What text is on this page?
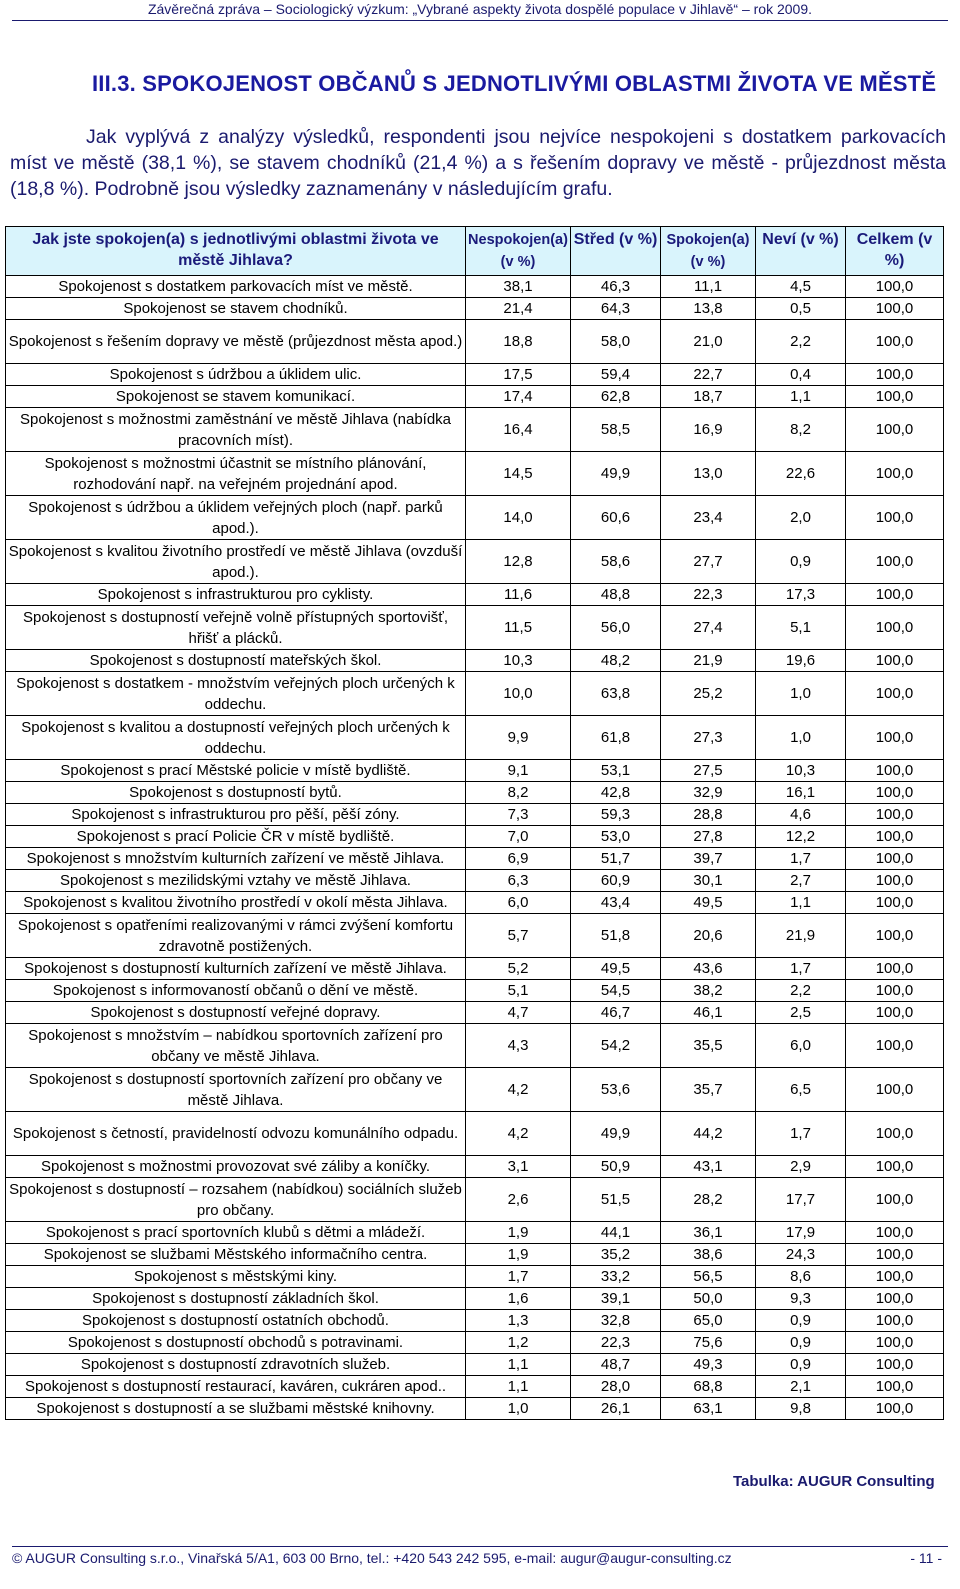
Závěrečná zpráva – Sociologický výzkum: „Vybrané aspekty života dospělé populace v Jihlavě“ – rok 2009.
III.3. SPOKOJENOST OBČANŮ S JEDNOTLIVÝMI OBLASTMI ŽIVOTA VE MĚSTĚ
Jak vyplývá z analýzy výsledků, respondenti jsou nejvíce nespokojeni s dostatkem parkovacích míst ve městě (38,1 %), se stavem chodníků (21,4 %) a s řešením dopravy ve městě - průjezdnost města (18,8 %). Podrobně jsou výsledky zaznamenány v následujícím grafu.
Jak jste spokojen(a) s jednotlivými oblastmi života ve městě Jihlava?	Nespokojen(a) (v %)	Střed (v %)	Spokojen(a) (v %)	Neví (v %)	Celkem (v %)
Spokojenost s dostatkem parkovacích míst ve městě.	38,1	46,3	11,1	4,5	100,0
Spokojenost se stavem chodníků.	21,4	64,3	13,8	0,5	100,0
Spokojenost s řešením dopravy ve městě (průjezdnost města apod.)	18,8	58,0	21,0	2,2	100,0
Spokojenost s údržbou a úklidem ulic.	17,5	59,4	22,7	0,4	100,0
Spokojenost se stavem komunikací.	17,4	62,8	18,7	1,1	100,0
Spokojenost s možnostmi zaměstnání ve městě Jihlava (nabídka pracovních míst).	16,4	58,5	16,9	8,2	100,0
Spokojenost s možnostmi účastnit se místního plánování, rozhodování např. na veřejném projednání apod.	14,5	49,9	13,0	22,6	100,0
Spokojenost s údržbou a úklidem veřejných ploch (např. parků apod.).	14,0	60,6	23,4	2,0	100,0
Spokojenost s kvalitou životního prostředí ve městě Jihlava (ovzduší apod.).	12,8	58,6	27,7	0,9	100,0
Spokojenost s infrastrukturou pro cyklisty.	11,6	48,8	22,3	17,3	100,0
Spokojenost s dostupností veřejně volně přístupných sportovišť, hřišť a plácků.	11,5	56,0	27,4	5,1	100,0
Spokojenost s dostupností mateřských škol.	10,3	48,2	21,9	19,6	100,0
Spokojenost s dostatkem - množstvím veřejných ploch určených k oddechu.	10,0	63,8	25,2	1,0	100,0
Spokojenost s kvalitou a dostupností veřejných ploch určených k oddechu.	9,9	61,8	27,3	1,0	100,0
Spokojenost s prací Městské policie v místě bydliště.	9,1	53,1	27,5	10,3	100,0
Spokojenost s dostupností bytů.	8,2	42,8	32,9	16,1	100,0
Spokojenost s infrastrukturou pro pěší, pěší zóny.	7,3	59,3	28,8	4,6	100,0
Spokojenost s prací Policie ČR v místě bydliště.	7,0	53,0	27,8	12,2	100,0
Spokojenost s množstvím kulturních zařízení ve městě Jihlava.	6,9	51,7	39,7	1,7	100,0
Spokojenost s mezilidskými vztahy ve městě Jihlava.	6,3	60,9	30,1	2,7	100,0
Spokojenost s kvalitou životního prostředí v okolí města Jihlava.	6,0	43,4	49,5	1,1	100,0
Spokojenost s opatřeními realizovanými v rámci zvýšení komfortu zdravotně postižených.	5,7	51,8	20,6	21,9	100,0
Spokojenost s dostupností kulturních zařízení ve městě Jihlava.	5,2	49,5	43,6	1,7	100,0
Spokojenost s informovaností občanů o dění ve městě.	5,1	54,5	38,2	2,2	100,0
Spokojenost s dostupností veřejné dopravy.	4,7	46,7	46,1	2,5	100,0
Spokojenost s množstvím – nabídkou sportovních zařízení pro občany ve městě Jihlava.	4,3	54,2	35,5	6,0	100,0
Spokojenost s dostupností sportovních zařízení pro občany ve městě Jihlava.	4,2	53,6	35,7	6,5	100,0
Spokojenost s četností, pravidelností odvozu komunálního odpadu.	4,2	49,9	44,2	1,7	100,0
Spokojenost s možnostmi provozovat své záliby a koníčky.	3,1	50,9	43,1	2,9	100,0
Spokojenost s dostupností – rozsahem (nabídkou) sociálních služeb pro občany.	2,6	51,5	28,2	17,7	100,0
Spokojenost s prací sportovních klubů s dětmi a mládeží.	1,9	44,1	36,1	17,9	100,0
Spokojenost se službami Městského informačního centra.	1,9	35,2	38,6	24,3	100,0
Spokojenost s městskými kiny.	1,7	33,2	56,5	8,6	100,0
Spokojenost s dostupností základních škol.	1,6	39,1	50,0	9,3	100,0
Spokojenost s dostupností ostatních obchodů.	1,3	32,8	65,0	0,9	100,0
Spokojenost s dostupností obchodů s potravinami.	1,2	22,3	75,6	0,9	100,0
Spokojenost s dostupností zdravotních služeb.	1,1	48,7	49,3	0,9	100,0
Spokojenost s dostupností restaurací, kaváren, cukráren apod..	1,1	28,0	68,8	2,1	100,0
Spokojenost s dostupností a se službami městské knihovny.	1,0	26,1	63,1	9,8	100,0
Tabulka: AUGUR Consulting
© AUGUR Consulting s.r.o., Vinařská 5/A1, 603 00 Brno, tel.: +420 543 242 595, e-mail: augur@augur-consulting.cz	- 11 -
